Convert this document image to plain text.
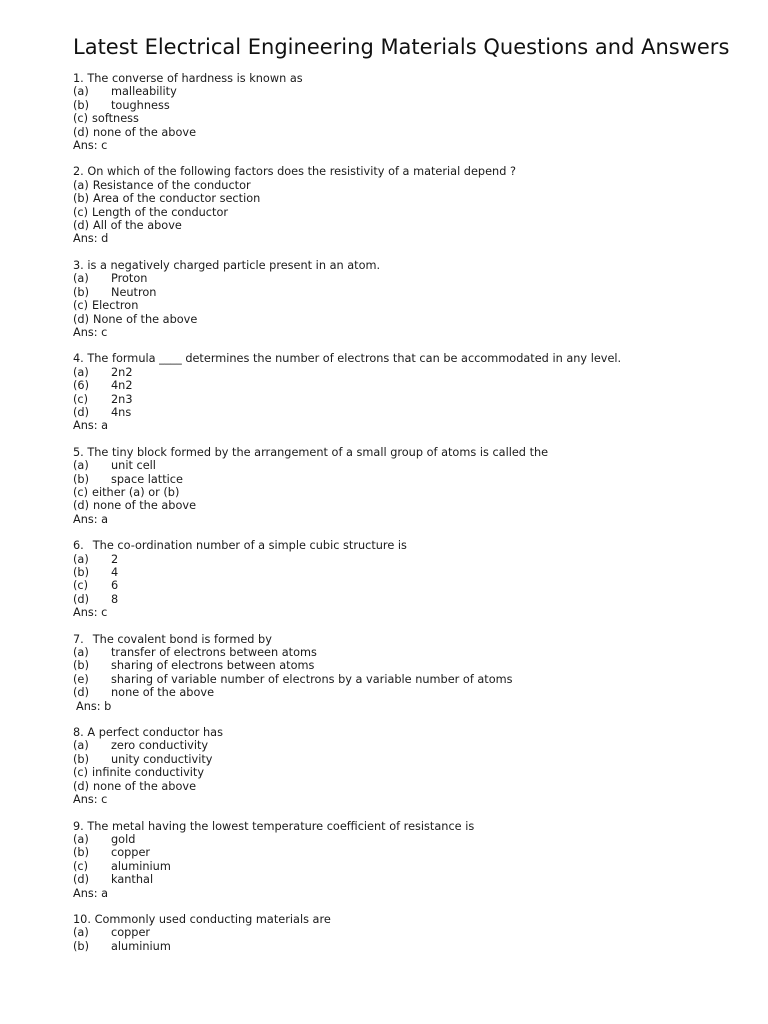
Latest Electrical Engineering Materials Questions and Answers
1. The converse of hardness is known as
(a)	malleability
(b)	toughness
(c) softness
(d) none of the above
Ans: c
2. On which of the following factors does the resistivity of a material depend ?
(a) Resistance of the conductor
(b) Area of the conductor section
(c) Length of the conductor
(d) All of the above
Ans: d
3. is a negatively charged particle present in an atom.
(a)	Proton
(b)	Neutron
(c) Electron
(d) None of the above
Ans: c
4. The formula ____ determines the number of electrons that can be accommodated in any level.
(a)	2n2
(6)	4n2
(c)	2n3
(d)	4ns
Ans: a
5. The tiny block formed by the arrangement of a small group of atoms is called the
(a)	unit cell
(b)	space lattice
(c) either (a) or (b)
(d) none of the above
Ans: a
6. The co-ordination number of a simple cubic structure is
(a)	2
(b)	4
(c)	6
(d)	8
Ans: c
7. The covalent bond is formed by
(a)	transfer of electrons between atoms
(b)	sharing of electrons between atoms
(e)	sharing of variable number of electrons by a variable number of atoms
(d)	none of the above
Ans: b
8. A perfect conductor has
(a)	zero conductivity
(b)	unity conductivity
(c) infinite conductivity
(d) none of the above
Ans: c
9. The metal having the lowest temperature coefficient of resistance is
(a)	gold
(b)	copper
(c)	aluminium
(d)	kanthal
Ans: a
10. Commonly used conducting materials are
(a)	copper
(b)	aluminium
